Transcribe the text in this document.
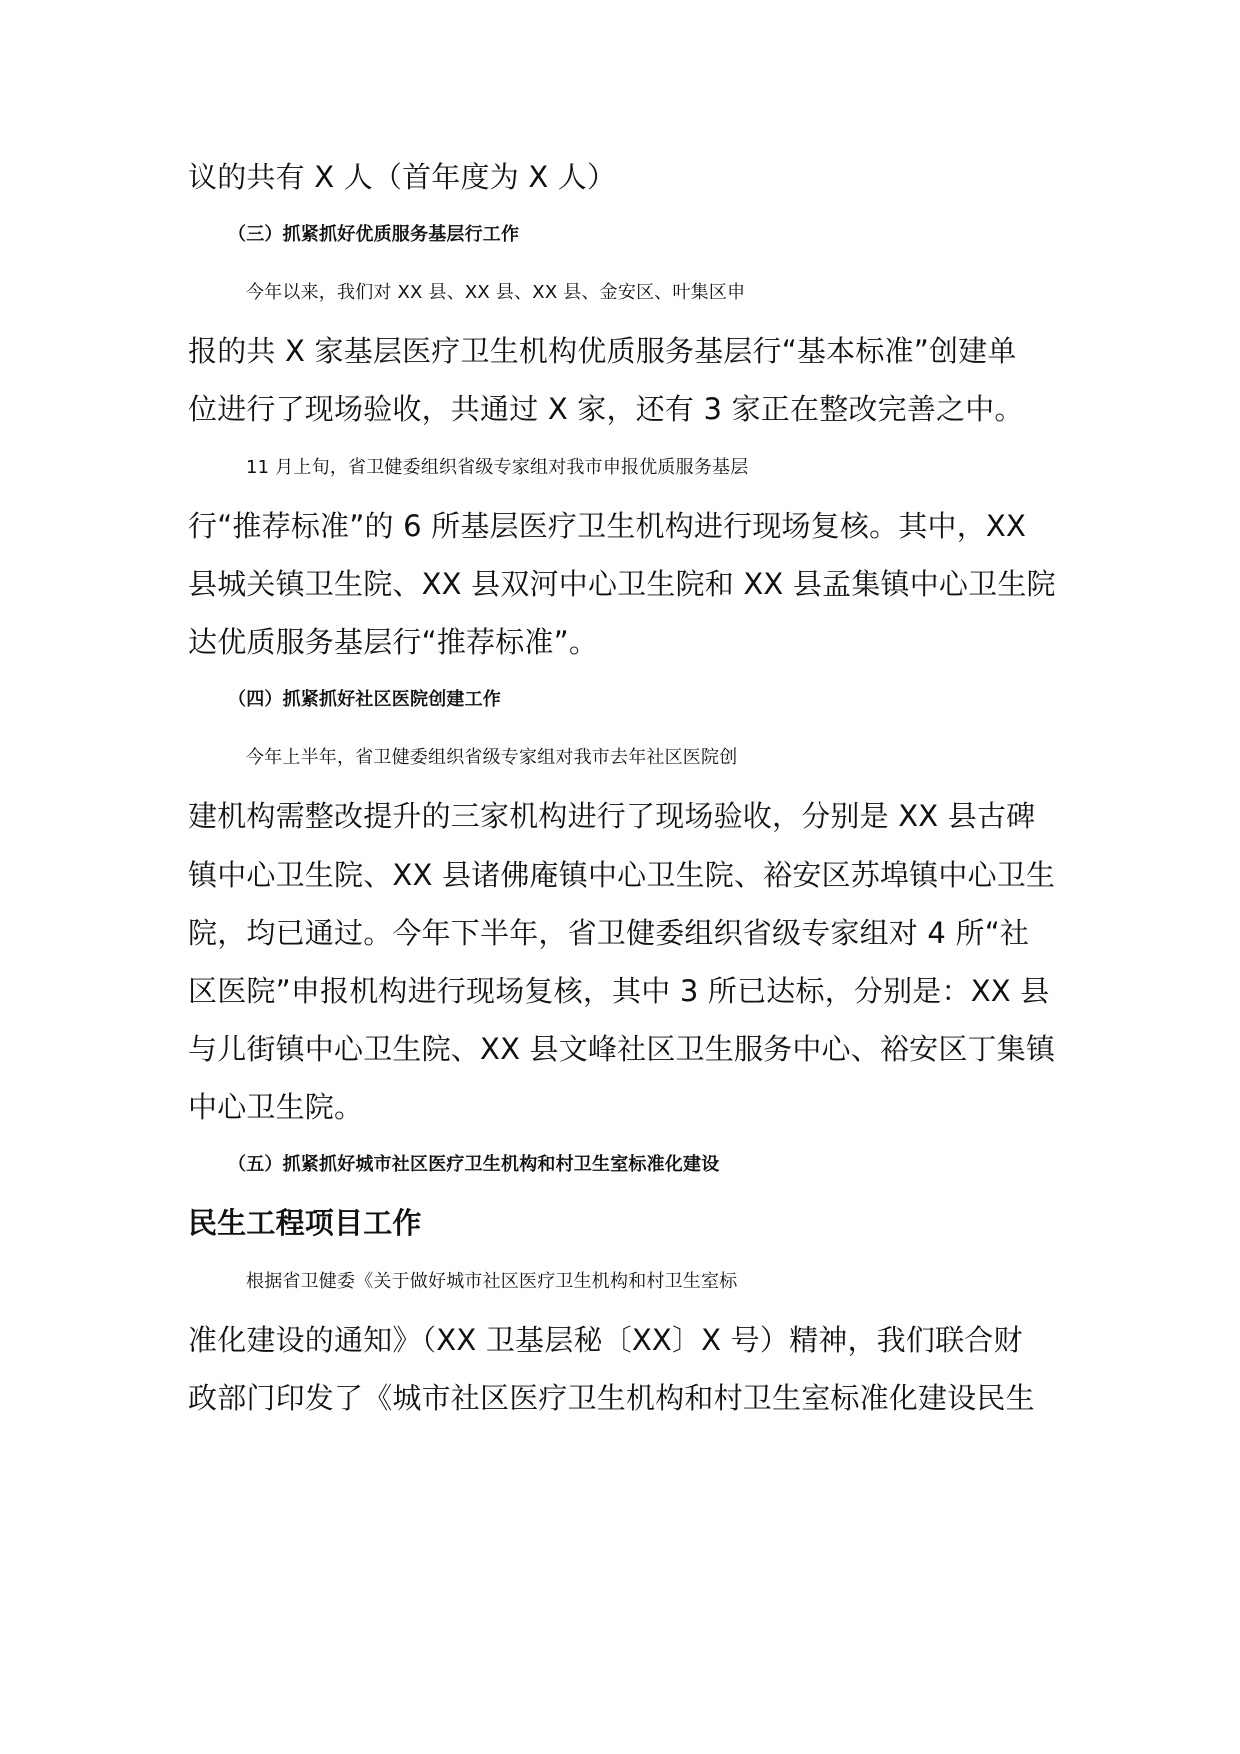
议的共有 X 人（首年度为 X 人）
（三）抓紧抓好优质服务基层行工作
今年以来，我们对 XX 县、XX 县、XX 县、金安区、叶集区申
报的共 X 家基层医疗卫生机构优质服务基层行“基本标准”创建单
位进行了现场验收，共通过 X 家，还有 3 家正在整改完善之中。
11 月上旬，省卫健委组织省级专家组对我市申报优质服务基层
行“推荐标准”的 6 所基层医疗卫生机构进行现场复核。其中，XX
县城关镇卫生院、XX 县双河中心卫生院和 XX 县孟集镇中心卫生院
达优质服务基层行“推荐标准”。
（四）抓紧抓好社区医院创建工作
今年上半年，省卫健委组织省级专家组对我市去年社区医院创
建机构需整改提升的三家机构进行了现场验收，分别是 XX 县古碑
镇中心卫生院、XX 县诸佛庵镇中心卫生院、裕安区苏埠镇中心卫生
院，均已通过。今年下半年，省卫健委组织省级专家组对 4 所“社
区医院”申报机构进行现场复核，其中 3 所已达标，分别是：XX 县
与儿街镇中心卫生院、XX 县文峰社区卫生服务中心、裕安区丁集镇
中心卫生院。
（五）抓紧抓好城市社区医疗卫生机构和村卫生室标准化建设
民生工程项目工作
根据省卫健委《关于做好城市社区医疗卫生机构和村卫生室标
准化建设的通知》（XX 卫基层秘〔XX〕X 号）精神，我们联合财
政部门印发了《城市社区医疗卫生机构和村卫生室标准化建设民生
